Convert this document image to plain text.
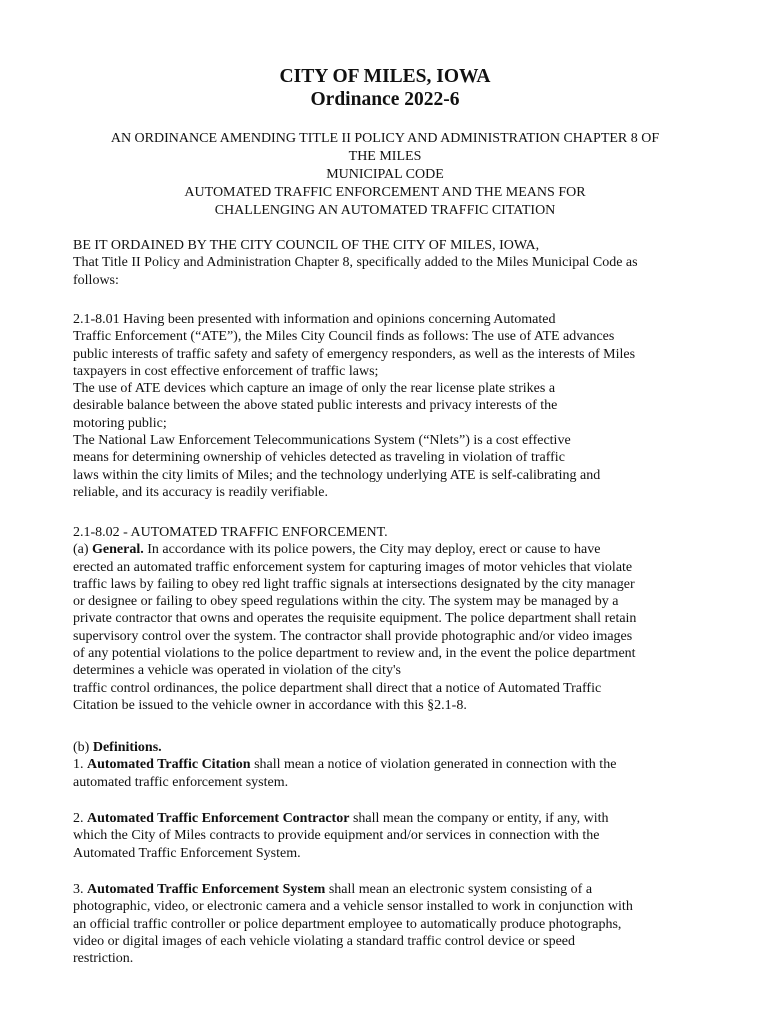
CITY OF MILES, IOWA
Ordinance 2022-6
AN ORDINANCE AMENDING TITLE II POLICY AND ADMINISTRATION CHAPTER 8 OF
THE MILES
MUNICIPAL CODE
AUTOMATED TRAFFIC ENFORCEMENT AND THE MEANS FOR
CHALLENGING AN AUTOMATED TRAFFIC CITATION
BE IT ORDAINED BY THE CITY COUNCIL OF THE CITY OF MILES, IOWA,
That Title II Policy and Administration Chapter 8, specifically added to the Miles Municipal Code as
follows:
2.1-8.01 Having been presented with information and opinions concerning Automated
Traffic Enforcement (“ATE”), the Miles City Council finds as follows: The use of ATE advances
public interests of traffic safety and safety of emergency responders, as well as the interests of Miles
taxpayers in cost effective enforcement of traffic laws;
The use of ATE devices which capture an image of only the rear license plate strikes a
desirable balance between the above stated public interests and privacy interests of the
motoring public;
The National Law Enforcement Telecommunications System (“Nlets”) is a cost effective
means for determining ownership of vehicles detected as traveling in violation of traffic
laws within the city limits of Miles; and the technology underlying ATE is self-calibrating and
reliable, and its accuracy is readily verifiable.
2.1-8.02 - AUTOMATED TRAFFIC ENFORCEMENT.
(a) General. In accordance with its police powers, the City may deploy, erect or cause to have
erected an automated traffic enforcement system for capturing images of motor vehicles that violate
traffic laws by failing to obey red light traffic signals at intersections designated by the city manager
or designee or failing to obey speed regulations within the city. The system may be managed by a
private contractor that owns and operates the requisite equipment. The police department shall retain
supervisory control over the system. The contractor shall provide photographic and/or video images
of any potential violations to the police department to review and, in the event the police department
determines a vehicle was operated in violation of the city's
traffic control ordinances, the police department shall direct that a notice of Automated Traffic
Citation be issued to the vehicle owner in accordance with this §2.1-8.
(b) Definitions.
1. Automated Traffic Citation shall mean a notice of violation generated in connection with the
automated traffic enforcement system.
2. Automated Traffic Enforcement Contractor shall mean the company or entity, if any, with
which the City of Miles contracts to provide equipment and/or services in connection with the
Automated Traffic Enforcement System.
3. Automated Traffic Enforcement System shall mean an electronic system consisting of a
photographic, video, or electronic camera and a vehicle sensor installed to work in conjunction with
an official traffic controller or police department employee to automatically produce photographs,
video or digital images of each vehicle violating a standard traffic control device or speed
restriction.
